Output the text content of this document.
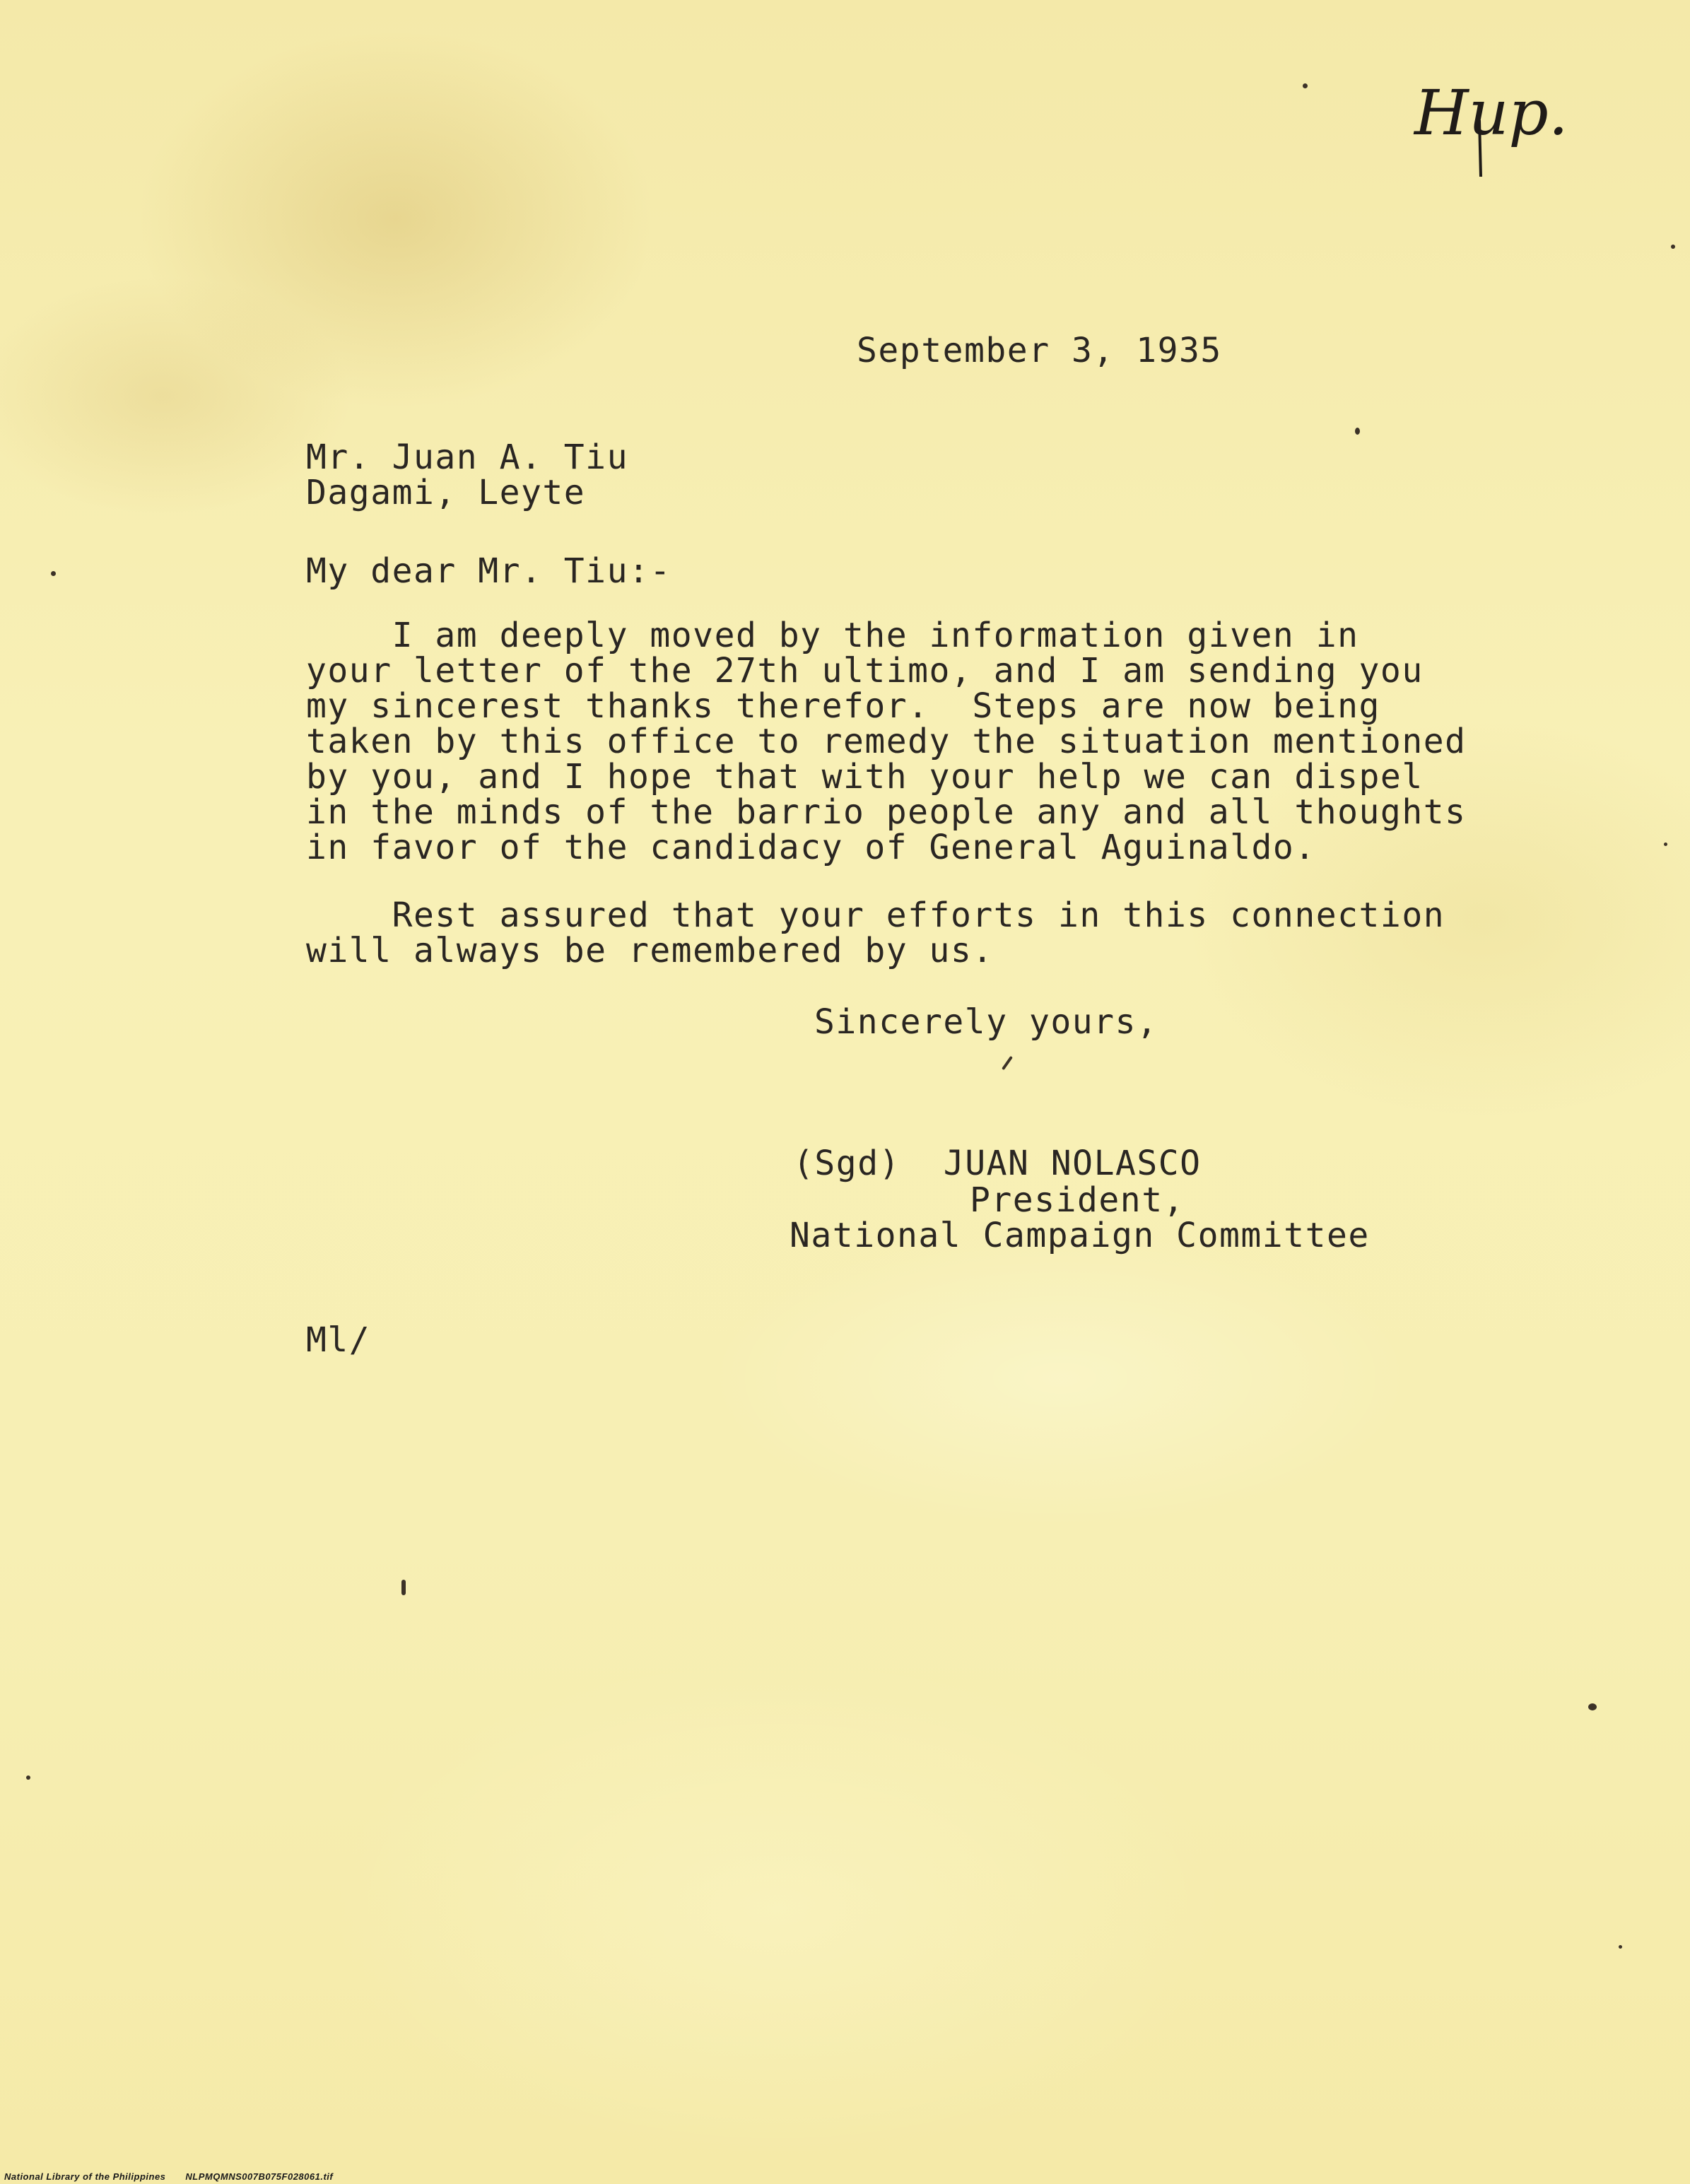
Hup.

September 3, 1935

Mr. Juan A. Tiu
Dagami, Leyte

My dear Mr. Tiu:-

I am deeply moved by the information given in
your letter of the 27th ultimo, and I am sending you
my sincerest thanks therefor.  Steps are now being
taken by this office to remedy the situation mentioned
by you, and I hope that with your help we can dispel
in the minds of the barrio people any and all thoughts
in favor of the candidacy of General Aguinaldo.
Rest assured that your efforts in this connection
will always be remembered by us.

Sincerely yours,

(Sgd)  JUAN NOLASCO

President,

National Campaign Committee

Ml/

National Library of the Philippines NLPMQMNS007B075F028061.tif
